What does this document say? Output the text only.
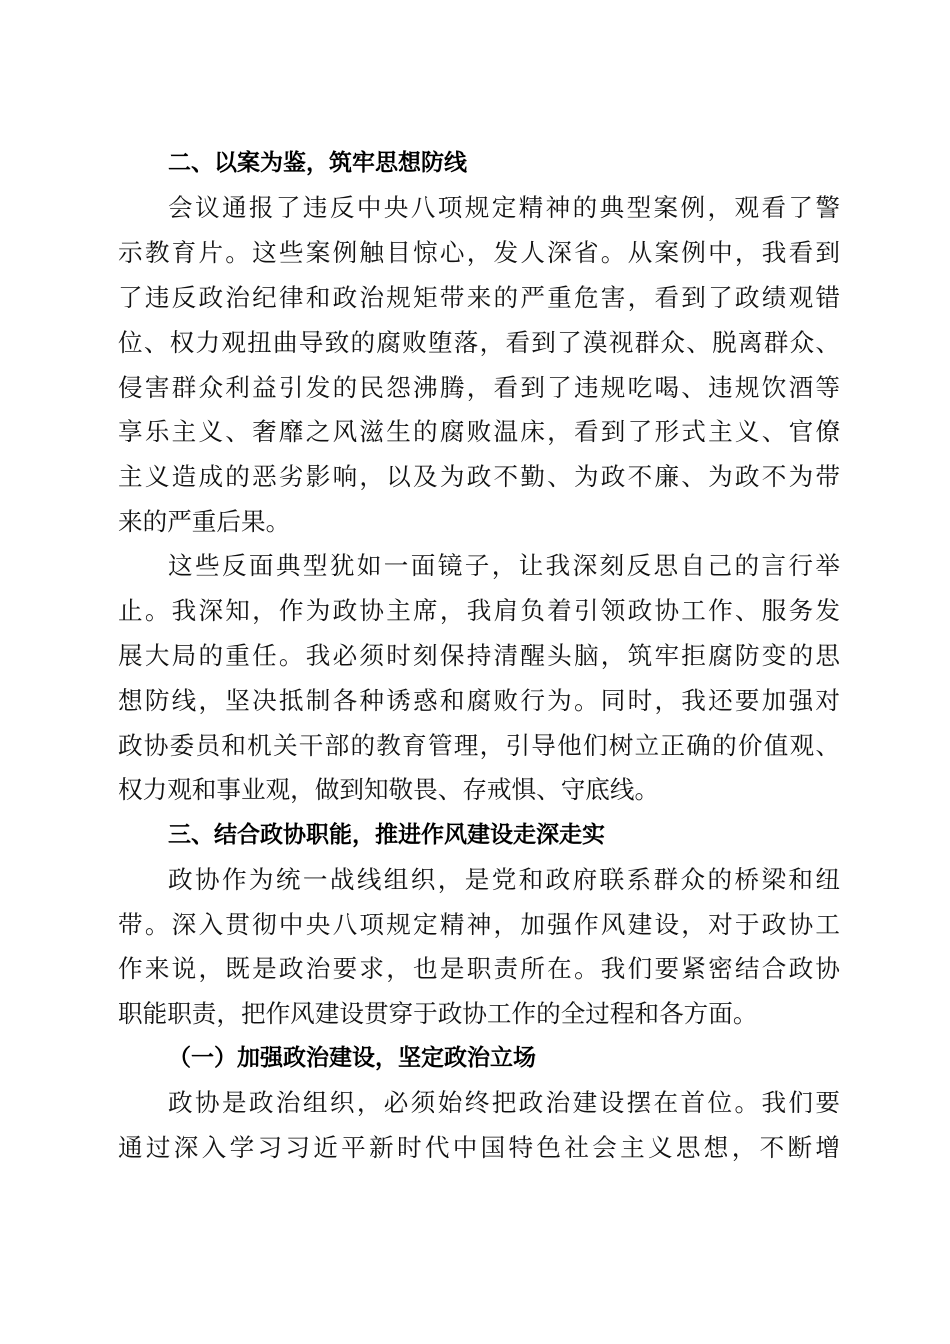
二、以案为鉴，筑牢思想防线
会议通报了违反中央八项规定精神的典型案例，观看了警
示教育片。这些案例触目惊心，发人深省。从案例中，我看到
了违反政治纪律和政治规矩带来的严重危害，看到了政绩观错
位、权力观扭曲导致的腐败堕落，看到了漠视群众、脱离群众、
侵害群众利益引发的民怨沸腾，看到了违规吃喝、违规饮酒等
享乐主义、奢靡之风滋生的腐败温床，看到了形式主义、官僚
主义造成的恶劣影响，以及为政不勤、为政不廉、为政不为带
来的严重后果。
这些反面典型犹如一面镜子，让我深刻反思自己的言行举
止。我深知，作为政协主席，我肩负着引领政协工作、服务发
展大局的重任。我必须时刻保持清醒头脑，筑牢拒腐防变的思
想防线，坚决抵制各种诱惑和腐败行为。同时，我还要加强对
政协委员和机关干部的教育管理，引导他们树立正确的价值观、
权力观和事业观，做到知敬畏、存戒惧、守底线。
三、结合政协职能，推进作风建设走深走实
政协作为统一战线组织，是党和政府联系群众的桥梁和纽
带。深入贯彻中央八项规定精神，加强作风建设，对于政协工
作来说，既是政治要求，也是职责所在。我们要紧密结合政协
职能职责，把作风建设贯穿于政协工作的全过程和各方面。
（一）加强政治建设，坚定政治立场
政协是政治组织，必须始终把政治建设摆在首位。我们要
通过深入学习习近平新时代中国特色社会主义思想，不断增
